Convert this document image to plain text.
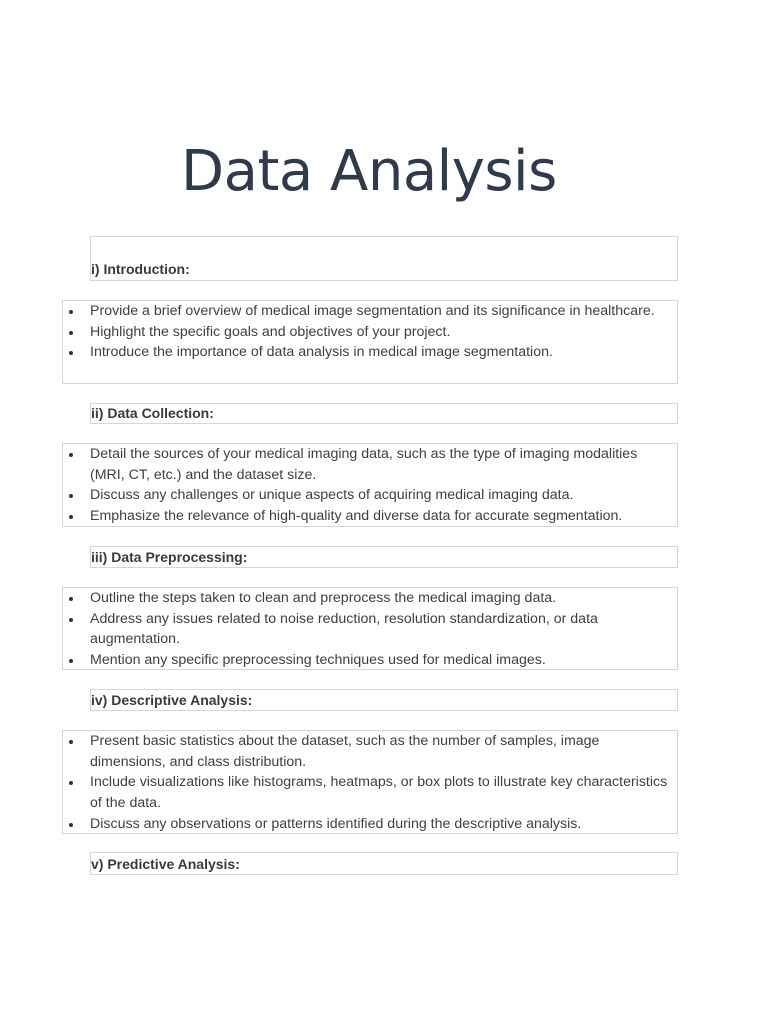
Data Analysis
i) Introduction:
Provide a brief overview of medical image segmentation and its significance in healthcare.
Highlight the specific goals and objectives of your project.
Introduce the importance of data analysis in medical image segmentation.
ii) Data Collection:
Detail the sources of your medical imaging data, such as the type of imaging modalities (MRI, CT, etc.) and the dataset size.
Discuss any challenges or unique aspects of acquiring medical imaging data.
Emphasize the relevance of high-quality and diverse data for accurate segmentation.
iii) Data Preprocessing:
Outline the steps taken to clean and preprocess the medical imaging data.
Address any issues related to noise reduction, resolution standardization, or data augmentation.
Mention any specific preprocessing techniques used for medical images.
iv) Descriptive Analysis:
Present basic statistics about the dataset, such as the number of samples, image dimensions, and class distribution.
Include visualizations like histograms, heatmaps, or box plots to illustrate key characteristics of the data.
Discuss any observations or patterns identified during the descriptive analysis.
v) Predictive Analysis:
